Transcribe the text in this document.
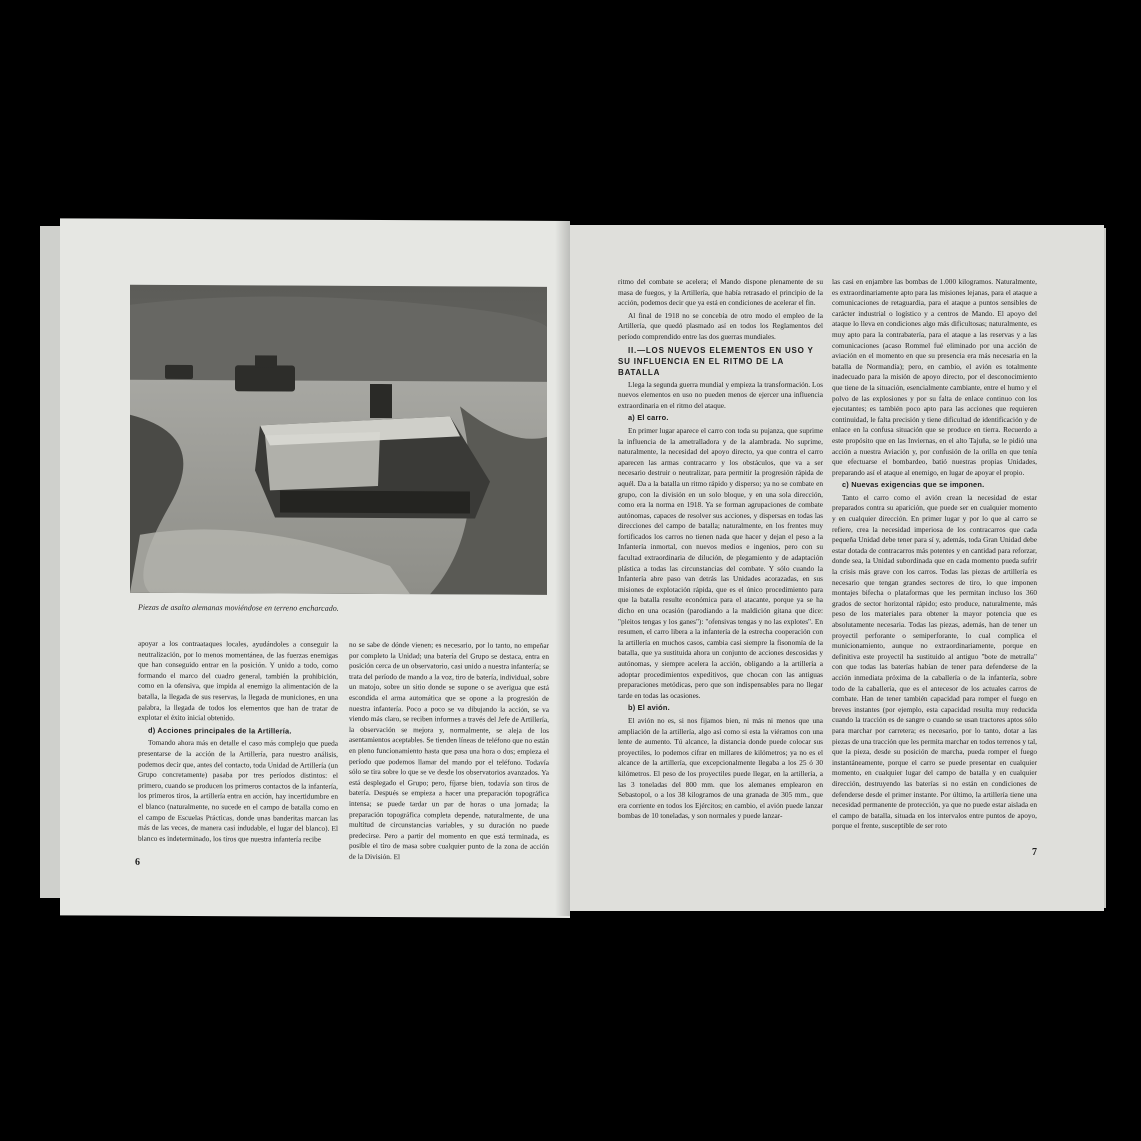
Piezas de asalto alemanas moviéndose en terreno encharcado.

apoyar a los contraataques locales, ayudándoles a conseguir la neutralización, por lo menos momentánea, de las fuerzas enemigas que han conseguido entrar en la posición. Y unido a todo, como formando el marco del cuadro general, también la prohibición, como en la ofensiva, que impida al enemigo la alimentación de la batalla, la llegada de sus reservas, la llegada de municiones, en una palabra, la llegada de todos los elementos que han de tratar de explotar el éxito inicial obtenido.

d) Acciones principales de la Artillería.

Tomando ahora más en detalle el caso más complejo que pueda presentarse de la acción de la Artillería, para nuestro análisis, podemos decir que, antes del contacto, toda Unidad de Artillería (un Grupo concretamente) pasaba por tres períodos distintos: el primero, cuando se producen los primeros contactos de la infantería, los primeros tiros, la artillería entra en acción, hay incertidumbre en el blanco (naturalmente, no sucede en el campo de batalla como en el campo de Escuelas Prácticas, donde unas banderitas marcan las más de las veces, de manera casi indudable, el lugar del blanco). El blanco es indeterminado, los tiros que nuestra infantería recibe

no se sabe de dónde vienen; es necesario, por lo tanto, no empeñar por completo la Unidad; una batería del Grupo se destaca, entra en posición cerca de un observatorio, casi unido a nuestra infantería; se trata del período de mando a la voz, tiro de batería, individual, sobre un matojo, sobre un sitio donde se supone o se averigua que está escondida el arma automática que se opone a la progresión de nuestra infantería. Poco a poco se va dibujando la acción, se va viendo más claro, se reciben informes a través del Jefe de Artillería, la observación se mejora y, normalmente, se aleja de los asentamientos aceptables. Se tienden líneas de teléfono que no están en pleno funcionamiento hasta que pasa una hora o dos; empieza el período que podemos llamar del mando por el teléfono. Todavía sólo se tira sobre lo que se ve desde los observatorios avanzados. Ya está desplegado el Grupo; pero, fíjarse bien, todavía son tiros de batería. Después se empieza a hacer una preparación topográfica intensa; se puede tardar un par de horas o una jornada; la preparación topográfica completa depende, naturalmente, de una multitud de circunstancias variables, y su duración no puede predecirse. Pero a partir del momento en que está terminada, es posible el tiro de masa sobre cualquier punto de la zona de acción de la División. El

6

ritmo del combate se acelera; el Mando dispone plenamente de su masa de fuegos, y la Artillería, que había retrasado el principio de la acción, podemos decir que ya está en condiciones de acelerar el fin.

Al final de 1918 no se concebía de otro modo el empleo de la Artillería, que quedó plasmado así en todos los Reglamentos del período comprendido entre las dos guerras mundiales.

II.—LOS NUEVOS ELEMENTOS EN USO Y SU INFLUENCIA EN EL RITMO DE LA BATALLA

Llega la segunda guerra mundial y empieza la transformación. Los nuevos elementos en uso no pueden menos de ejercer una influencia extraordinaria en el ritmo del ataque.

a) El carro.

En primer lugar aparece el carro con toda su pujanza, que suprime la influencia de la ametralladora y de la alambrada. No suprime, naturalmente, la necesidad del apoyo directo, ya que contra el carro aparecen las armas contracarro y los obstáculos, que va a ser necesario destruir o neutralizar, para permitir la progresión rápida de aquél. Da a la batalla un ritmo rápido y disperso; ya no se combate en grupo, con la división en un solo bloque, y en una sola dirección, como era la norma en 1918. Ya se forman agrupaciones de combate autónomas, capaces de resolver sus acciones, y dispersas en todas las direcciones del campo de batalla; naturalmente, en los frentes muy fortificados los carros no tienen nada que hacer y dejan el peso a la Infantería inmortal, con nuevos medios e ingenios, pero con su facultad extraordinaria de dilución, de plegamiento y de adaptación plástica a todas las circunstancias del combate. Y sólo cuando la Infantería abre paso van detrás las Unidades acorazadas, en sus misiones de explotación rápida, que es el único procedimiento para que la batalla resulte económica para el atacante, porque ya se ha dicho en una ocasión (parodiando a la maldición gitana que dice: "pleitos tengas y los ganes"): "ofensivas tengas y no las explotes". En resumen, el carro libera a la infantería de la estrecha cooperación con la artillería en muchos casos, cambia casi siempre la fisonomía de la batalla, que ya sustituida ahora un conjunto de acciones descosidas y autónomas, y siempre acelera la acción, obligando a la artillería a adoptar procedimientos expeditivos, que chocan con las antiguas preparaciones metódicas, pero que son indispensables para no llegar tarde en todas las ocasiones.

b) El avión.

El avión no es, si nos fijamos bien, ni más ni menos que una ampliación de la artillería, algo así como si esta la viéramos con una lente de aumento. Tú alcance, la distancia donde puede colocar sus proyectiles, lo podemos cifrar en millares de kilómetros; ya no es el alcance de la artillería, que excepcionalmente llegaba a los 25 ó 30 kilómetros. El peso de los proyectiles puede llegar, en la artillería, a las 3 toneladas del 800 mm. que los alemanes emplearon en Sebastopol, o a los 38 kilogramos de una granada de 305 mm., que era corriente en todos los Ejércitos; en cambio, el avión puede lanzar bombas de 10 toneladas, y son normales y puede lanzar-

las casi en enjambre las bombas de 1.000 kilogramos. Naturalmente, es extraordinariamente apto para las misiones lejanas, para el ataque a comunicaciones de retaguardia, para el ataque a puntos sensibles de carácter industrial o logístico y a centros de Mando. El apoyo del ataque lo lleva en condiciones algo más dificultosas; naturalmente, es muy apto para la contrabatería, para el ataque a las reservas y a las comunicaciones (acaso Rommel fué eliminado por una acción de aviación en el momento en que su presencia era más necesaria en la batalla de Normandía); pero, en cambio, el avión es totalmente inadecuado para la misión de apoyo directo, por el desconocimiento que tiene de la situación, esencialmente cambiante, entre el humo y el polvo de las explosiones y por su falta de enlace continuo con los ejecutantes; es también poco apto para las acciones que requieren continuidad, le falta precisión y tiene dificultad de identificación y de enlace en la confusa situación que se produce en tierra. Recuerdo a este propósito que en las Inviernas, en el alto Tajuña, se le pidió una acción a nuestra Aviación y, por confusión de la orilla en que tenía que efectuarse el bombardeo, batió nuestras propias Unidades, preparando así el ataque al enemigo, en lugar de apoyar el propio.

c) Nuevas exigencias que se imponen.

Tanto el carro como el avión crean la necesidad de estar preparados contra su aparición, que puede ser en cualquier momento y en cualquier dirección. En primer lugar y por lo que al carro se refiere, crea la necesidad imperiosa de los contracarros que cada pequeña Unidad debe tener para sí y, además, toda Gran Unidad debe estar dotada de contracarros más potentes y en cantidad para reforzar, donde sea, la Unidad subordinada que en cada momento pueda sufrir la crisis más grave con los carros. Todas las piezas de artillería es necesario que tengan grandes sectores de tiro, lo que imponen montajes bifecha o plataformas que les permitan incluso los 360 grados de sector horizontal rápido; esto produce, naturalmente, más peso de los materiales para obtener la mayor potencia que es absolutamente necesaria. Todas las piezas, además, han de tener un proyectil perforante o semiperforante, lo cual complica el municionamiento, aunque no extraordinariamente, porque en definitiva este proyectil ha sustituido al antiguo "bote de metralla" con que todas las baterías habían de tener para defenderse de la acción inmediata próxima de la caballería o de la infantería, sobre todo de la caballería, que es el antecesor de los actuales carros de combate. Han de tener también capacidad para romper el fuego en breves instantes (por ejemplo, esta capacidad resulta muy reducida cuando la tracción es de sangre o cuando se usan tractores aptos sólo para marchar por carretera; es necesario, por lo tanto, dotar a las piezas de una tracción que les permita marchar en todos terrenos y tal, que la pieza, desde su posición de marcha, pueda romper el fuego instantáneamente, porque el carro se puede presentar en cualquier momento, en cualquier lugar del campo de batalla y en cualquier dirección, destruyendo las baterías si no están en condiciones de defenderse desde el primer instante. Por último, la artillería tiene una necesidad permanente de protección, ya que no puede estar aislada en el campo de batalla, situada en los intervalos entre puntos de apoyo, porque el frente, susceptible de ser roto

7
